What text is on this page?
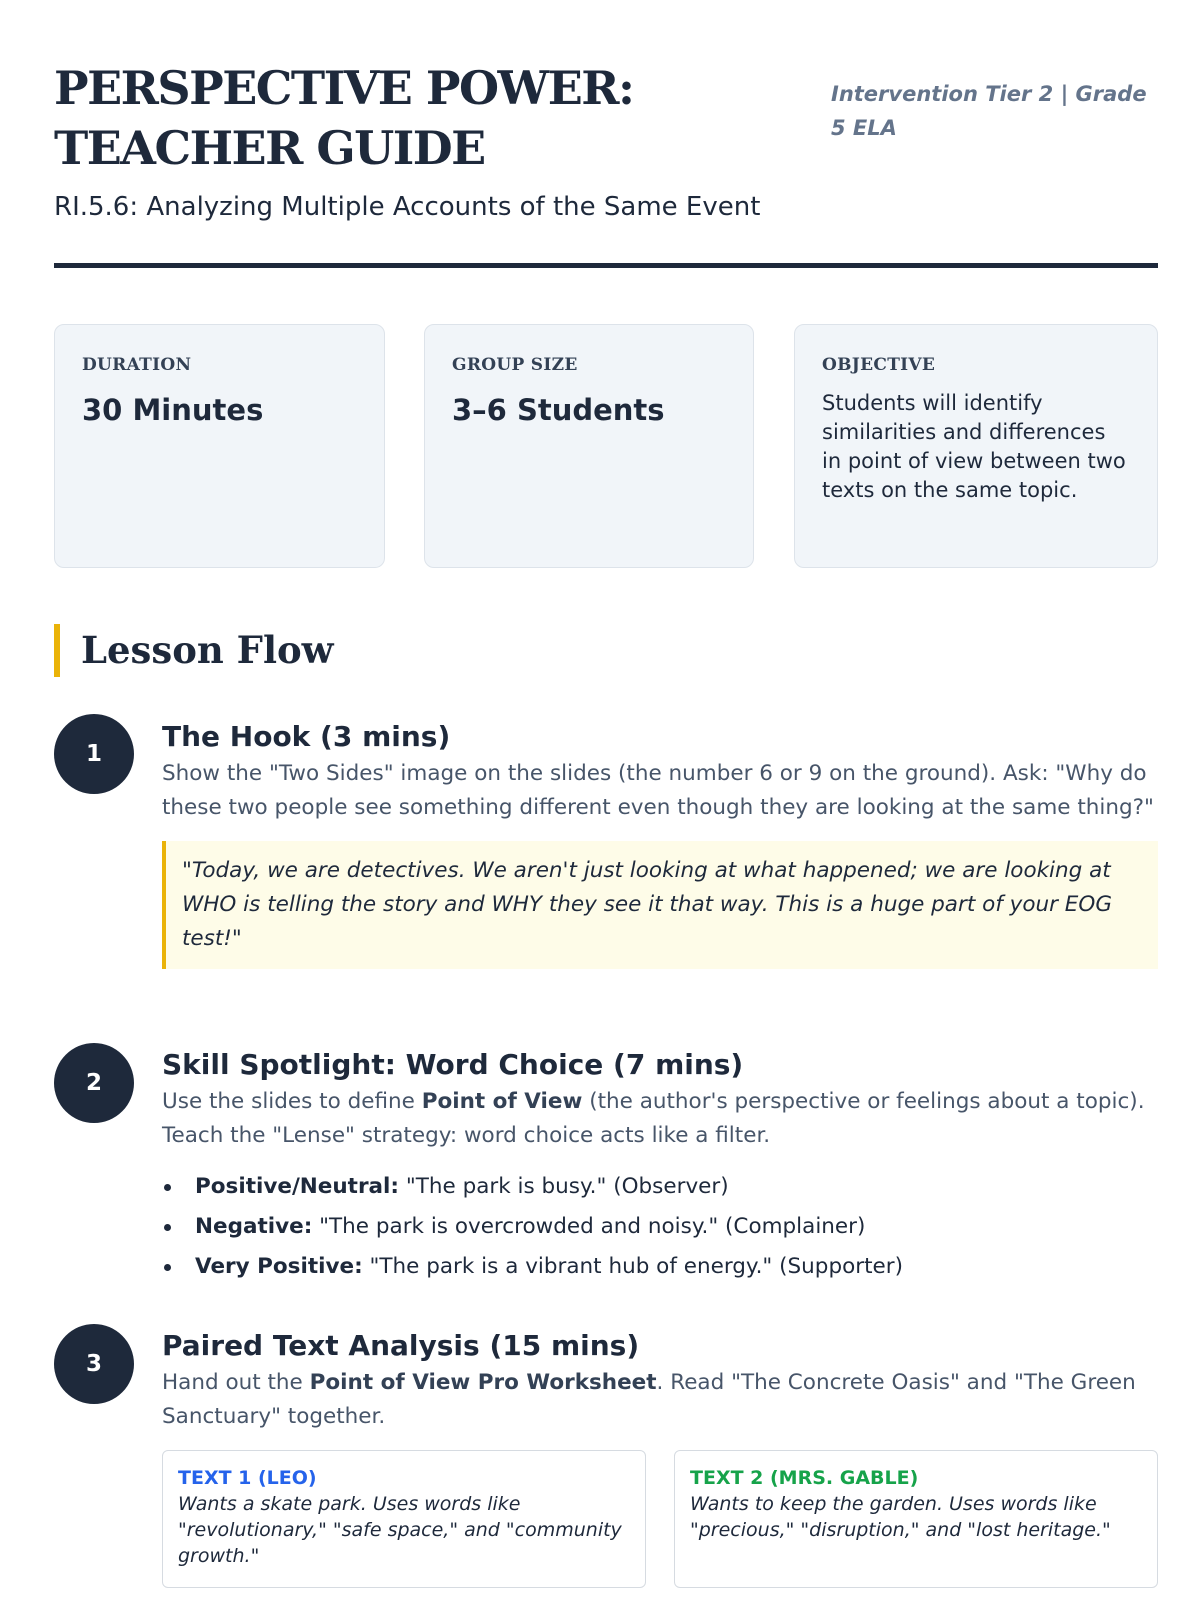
PERSPECTIVE POWER: TEACHER GUIDE
Intervention Tier 2 | Grade 5 ELA
RI.5.6: Analyzing Multiple Accounts of the Same Event
DURATION
30 Minutes
GROUP SIZE
3–6 Students
OBJECTIVE
Students will identify similarities and differences in point of view between two texts on the same topic.
Lesson Flow
1
The Hook (3 mins)
Show the "Two Sides" image on the slides (the number 6 or 9 on the ground). Ask: "Why do these two people see something different even though they are looking at the same thing?"
"Today, we are detectives. We aren't just looking at what happened; we are looking at WHO is telling the story and WHY they see it that way. This is a huge part of your EOG test!"
2
Skill Spotlight: Word Choice (7 mins)
Use the slides to define Point of View (the author's perspective or feelings about a topic). Teach the "Lense" strategy: word choice acts like a filter.
Positive/Neutral: "The park is busy." (Observer)
Negative: "The park is overcrowded and noisy." (Complainer)
Very Positive: "The park is a vibrant hub of energy." (Supporter)
3
Paired Text Analysis (15 mins)
Hand out the Point of View Pro Worksheet. Read "The Concrete Oasis" and "The Green Sanctuary" together.
TEXT 1 (LEO)
Wants a skate park. Uses words like "revolutionary," "safe space," and "community growth."
TEXT 2 (MRS. GABLE)
Wants to keep the garden. Uses words like "precious," "disruption," and "lost heritage."
